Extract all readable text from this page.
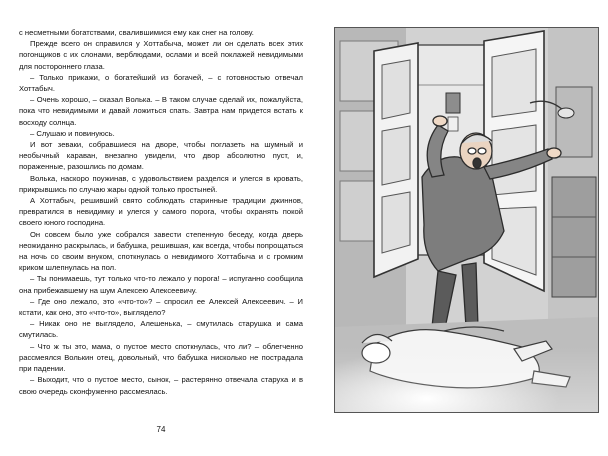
с несметными богатствами, свалившимися ему как снег на голову.

Прежде всего он справился у Хоттабыча, может ли он сделать всех этих погонщиков с их слонами, верблюдами, ослами и всей поклажей невидимыми для постороннего глаза.

– Только прикажи, о богатейший из богачей, – с готовностью отвечал Хоттабыч.

– Очень хорошо, – сказал Волька. – В таком случае сделай их, пожалуйста, пока что невидимыми и давай ложиться спать. Завтра нам придется встать к восходу солнца.

– Слушаю и повинуюсь.

И вот зеваки, собравшиеся на дворе, чтобы поглазеть на шумный и необычный караван, внезапно увидели, что двор абсолютно пуст, и, пораженные, разошлись по домам.

Волька, наскоро поужинав, с удовольствием разделся и улегся в кровать, прикрывшись по случаю жары одной только простыней.

А Хоттабыч, решивший свято соблюдать старинные традиции джиннов, превратился в невидимку и улегся у самого порога, чтобы охранять покой своего юного господина.

Он совсем было уже собрался завести степенную беседу, когда дверь неожиданно раскрылась, и бабушка, решившая, как всегда, чтобы попрощаться на ночь со своим внуком, споткнулась о невидимого Хоттабыча и с громким криком шлепнулась на пол.

– Ты понимаешь, тут только что-то лежало у порога! – испуганно сообщила она прибежавшему на шум Алексею Алексеевичу.

– Где оно лежало, это «что-то»? – спросил ее Алексей Алексеевич. – И кстати, как оно, это «что-то», выглядело?

– Никак оно не выглядело, Алешенька, – смутилась старушка и сама смутилась.

– Что ж ты это, мама, о пустое место споткнулась, что ли? – облегченно рассмеялся Волькин отец, довольный, что бабушка нисколько не пострадала при падении.

– Выходит, что о пустое место, сынок, – растерянно отвечала старуха и в свою очередь сконфуженно рассмеялась.

74
